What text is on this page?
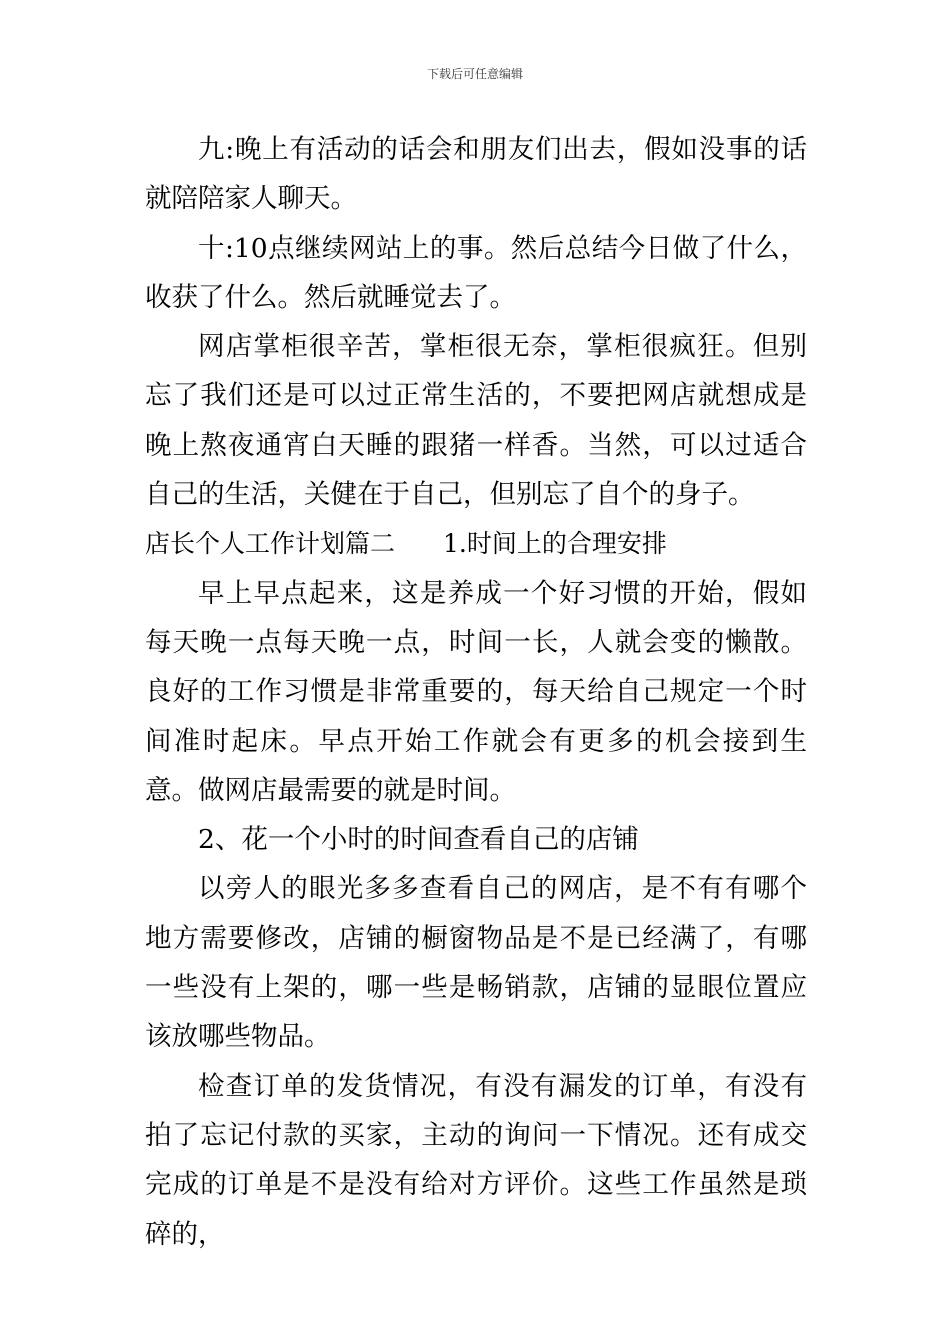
下载后可任意编辑

九:晚上有活动的话会和朋友们出去，假如没事的话就陪陪家人聊天。

十:10点继续网站上的事。然后总结今日做了什么，收获了什么。然后就睡觉去了。

网店掌柜很辛苦，掌柜很无奈，掌柜很疯狂。但别忘了我们还是可以过正常生活的，不要把网店就想成是晚上熬夜通宵白天睡的跟猪一样香。当然，可以过适合自己的生活，关健在于自己，但别忘了自个的身子。

店长个人工作计划篇二 1.时间上的合理安排

早上早点起来，这是养成一个好习惯的开始，假如每天晚一点每天晚一点，时间一长，人就会变的懒散。良好的工作习惯是非常重要的，每天给自己规定一个时间准时起床。早点开始工作就会有更多的机会接到生意。做网店最需要的就是时间。

2、花一个小时的时间查看自己的店铺

以旁人的眼光多多查看自己的网店，是不有有哪个地方需要修改，店铺的橱窗物品是不是已经满了，有哪一些没有上架的，哪一些是畅销款，店铺的显眼位置应该放哪些物品。

检查订单的发货情况，有没有漏发的订单，有没有拍了忘记付款的买家，主动的询问一下情况。还有成交完成的订单是不是没有给对方评价。这些工作虽然是琐碎的，
